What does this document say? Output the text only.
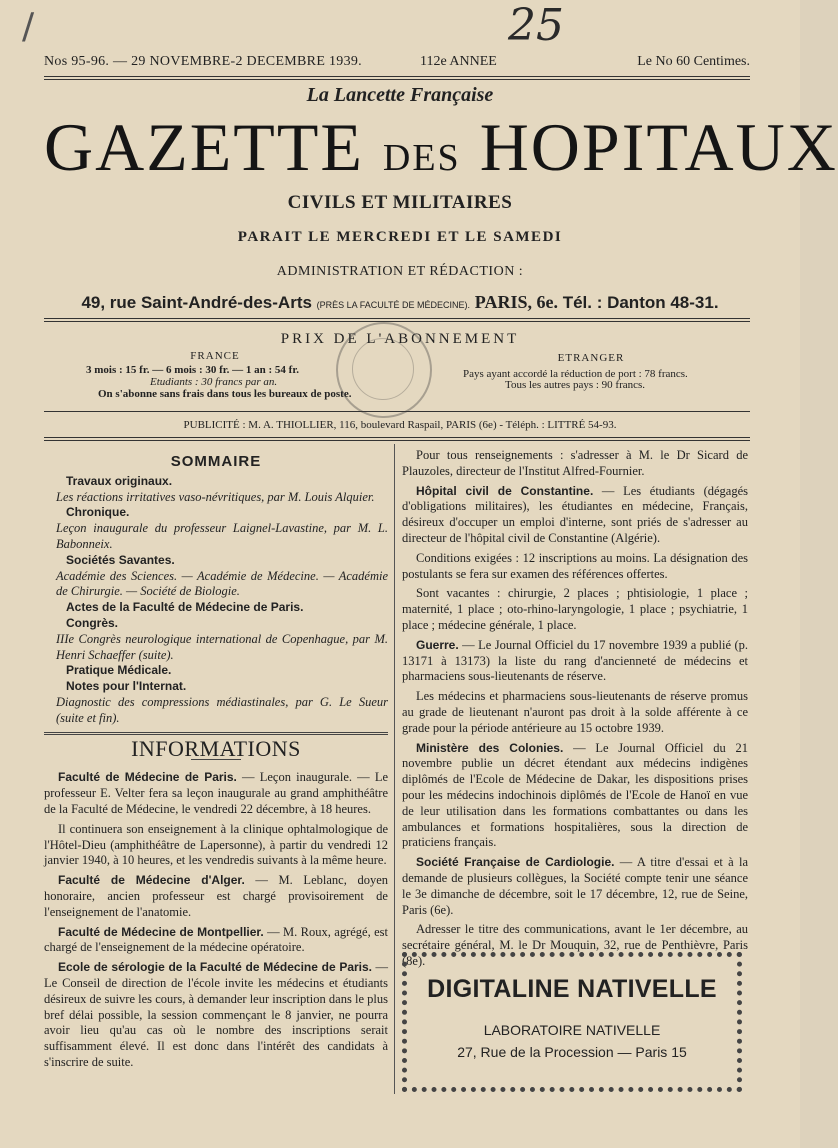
/	25
Nos 95-96. — 29 NOVEMBRE-2 DECEMBRE 1939.	112e ANNEE	Le No 60 Centimes.
La Lancette Française
GAZETTE DES HOPITAUX
CIVILS ET MILITAIRES
PARAIT LE MERCREDI ET LE SAMEDI
ADMINISTRATION ET RÉDACTION :
49, rue Saint-André-des-Arts (PRÈS LA FACULTÉ DE MÉDECINE). PARIS, 6e. Tél. : Danton 48-31.
PRIX DE L'ABONNEMENT
FRANCE
3 mois : 15 fr. — 6 mois : 30 fr. — 1 an : 54 fr.
Etudiants : 30 francs par an.
On s'abonne sans frais dans tous les bureaux de poste.
ETRANGER
Pays ayant accordé la réduction de port : 78 francs.
Tous les autres pays : 90 francs.
PUBLICITÉ : M. A. THIOLLIER, 116, boulevard Raspail, PARIS (6e) - Téléph. : LITTRÉ 54-93.
SOMMAIRE
Travaux originaux.
Les réactions irritatives vaso-névritiques, par M. Louis Alquier.
Chronique.
Leçon inaugurale du professeur Laignel-Lavastine, par M. L. Babonneix.
Sociétés Savantes.
Académie des Sciences. — Académie de Médecine. — Académie de Chirurgie. — Société de Biologie.
Actes de la Faculté de Médecine de Paris.
Congrès.
IIIe Congrès neurologique international de Copenhague, par M. Henri Schaeffer (suite).
Pratique Médicale.
Notes pour l'Internat.
Diagnostic des compressions médiastinales, par G. Le Sueur (suite et fin).
INFORMATIONS

Faculté de Médecine de Paris. — Leçon inaugurale. — Le professeur E. Velter fera sa leçon inaugurale au grand amphithéâtre de la Faculté de Médecine, le vendredi 22 décembre, à 18 heures.

Il continuera son enseignement à la clinique ophtalmologique de l'Hôtel-Dieu (amphithéâtre de Lapersonne), à partir du vendredi 12 janvier 1940, à 10 heures, et les vendredis suivants à la même heure.

Faculté de Médecine d'Alger. — M. Leblanc, doyen honoraire, ancien professeur est chargé provisoirement de l'enseignement de l'anatomie.

Faculté de Médecine de Montpellier. — M. Roux, agrégé, est chargé de l'enseignement de la médecine opératoire.

Ecole de sérologie de la Faculté de Médecine de Paris. — Le Conseil de direction de l'école invite les médecins et étudiants désireux de suivre les cours, à demander leur inscription dans le plus bref délai possible, la session commençant le 8 janvier, ne pourra avoir lieu qu'au cas où le nombre des inscriptions serait suffisamment élevé. Il est donc dans l'intérêt des candidats à s'inscrire de suite.

Pour tous renseignements : s'adresser à M. le Dr Sicard de Plauzoles, directeur de l'Institut Alfred-Fournier.

Hôpital civil de Constantine. — Les étudiants (dégagés d'obligations militaires), les étudiantes en médecine, Français, désireux d'occuper un emploi d'interne, sont priés de s'adresser au directeur de l'hôpital civil de Constantine (Algérie).

Conditions exigées : 12 inscriptions au moins. La désignation des postulants se fera sur examen des références offertes.

Sont vacantes : chirurgie, 2 places ; phtisiologie, 1 place ; maternité, 1 place ; oto-rhino-laryngologie, 1 place ; psychiatrie, 1 place ; médecine générale, 1 place.

Guerre. — Le Journal Officiel du 17 novembre 1939 a publié (p. 13171 à 13173) la liste du rang d'ancienneté de médecins et pharmaciens sous-lieutenants de réserve.

Les médecins et pharmaciens sous-lieutenants de réserve promus au grade de lieutenant n'auront pas droit à la solde afférente à ce grade pour la période antérieure au 15 octobre 1939.

Ministère des Colonies. — Le Journal Officiel du 21 novembre publie un décret étendant aux médecins indigènes diplômés de l'Ecole de Médecine de Dakar, les dispositions prises pour les médecins indochinois diplômés de l'Ecole de Hanoï en vue de leur utilisation dans les formations combattantes ou dans les ambulances et formations hospitalières, sous la direction de praticiens français.

Société Française de Cardiologie. — A titre d'essai et à la demande de plusieurs collègues, la Société compte tenir une séance le 3e dimanche de décembre, soit le 17 décembre, 12, rue de Seine, Paris (6e).

Adresser le titre des communications, avant le 1er décembre, au secrétaire général, M. le Dr Mouquin, 32, rue de Penthièvre, Paris (8e).

DIGITALINE NATIVELLE
LABORATOIRE NATIVELLE
27, Rue de la Procession — Paris 15
